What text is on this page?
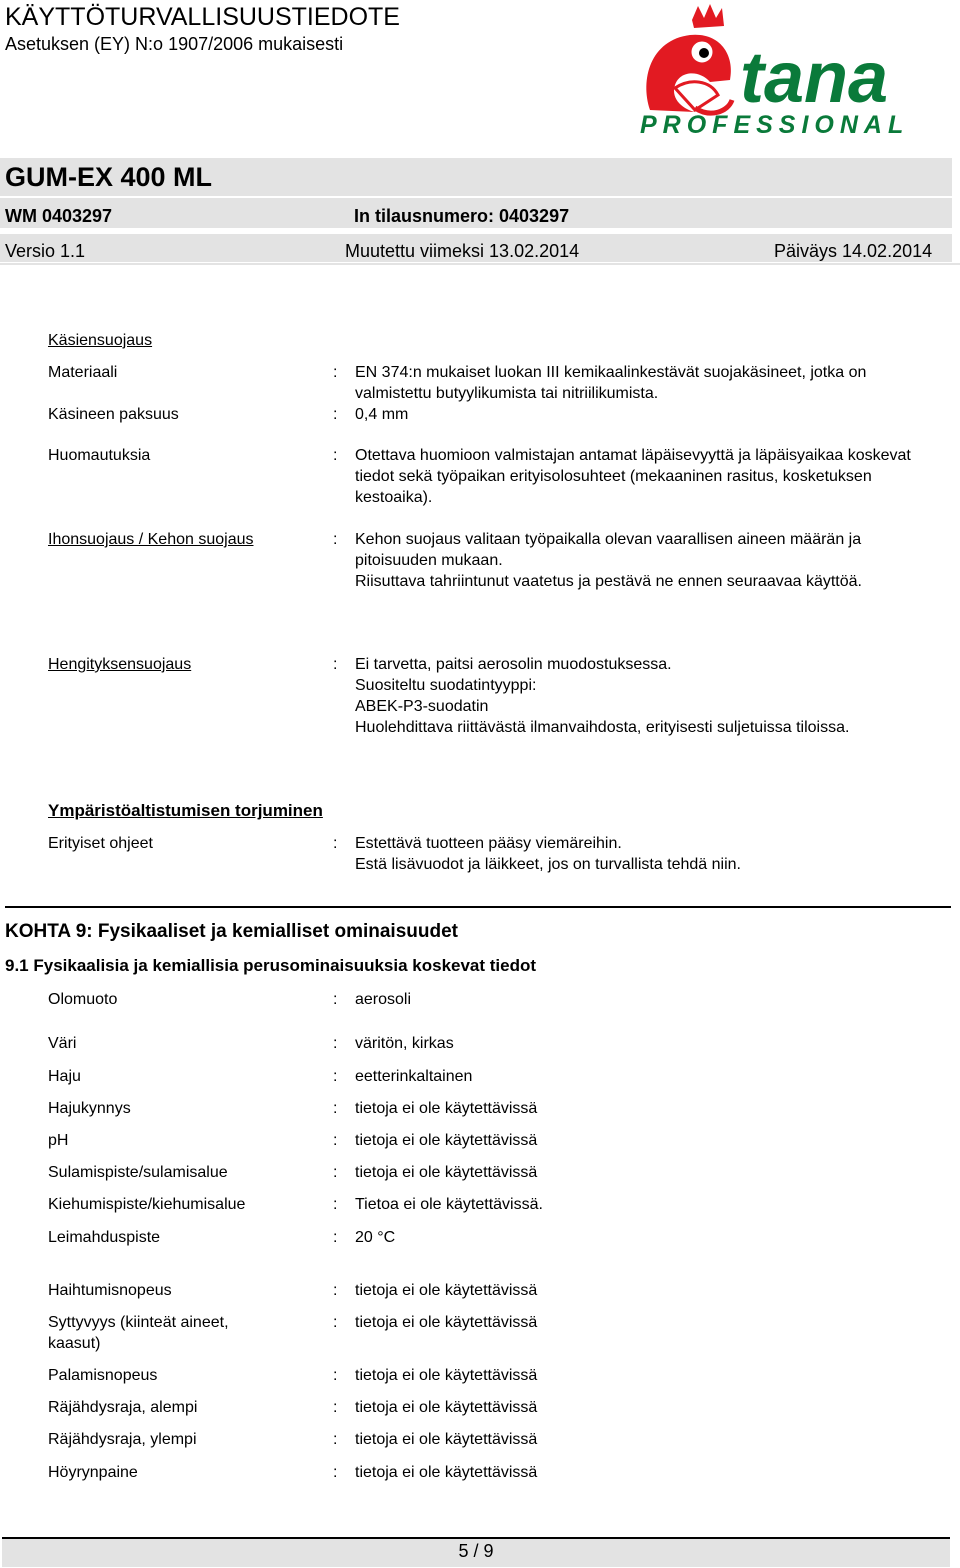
KÄYTTÖTURVALLISUUSTIEDOTE
Asetuksen (EY) N:o 1907/2006 mukaisesti	tana
PROFESSIONAL
GUM-EX 400 ML
WM 0403297	In tilausnumero: 0403297
Versio 1.1	Muutettu viimeksi 13.02.2014	Päiväys 14.02.2014
Käsiensuojaus
Materiaali	: EN 374:n mukaiset luokan III kemikaalinkestävät suojakäsineet, jotka on valmistettu butyylikumista tai nitriilikumista.
Käsineen paksuus	: 0,4 mm
Huomautuksia	: Otettava huomioon valmistajan antamat läpäisevyyttä ja läpäisyaikaa koskevat tiedot sekä työpaikan erityisolosuhteet (mekaaninen rasitus, kosketuksen kestoaika).
Ihonsuojaus / Kehon suojaus	: Kehon suojaus valitaan työpaikalla olevan vaarallisen aineen määrän ja pitoisuuden mukaan.
Riisuttava tahriintunut vaatetus ja pestävä ne ennen seuraavaa käyttöä.
Hengityksensuojaus	: Ei tarvetta, paitsi aerosolin muodostuksessa.
Suositeltu suodatintyyppi:
ABEK-P3-suodatin
Huolehdittava riittävästä ilmanvaihdosta, erityisesti suljetuissa tiloissa.
Ympäristöaltistumisen torjuminen
Erityiset ohjeet	: Estettävä tuotteen pääsy viemäreihin.
Estä lisävuodot ja läikkeet, jos on turvallista tehdä niin.
KOHTA 9: Fysikaaliset ja kemialliset ominaisuudet
9.1 Fysikaalisia ja kemiallisia perusominaisuuksia koskevat tiedot
Olomuoto	: aerosoli
Väri	: väritön, kirkas
Haju	: eetterinkaltainen
Hajukynnys	: tietoja ei ole käytettävissä
pH	: tietoja ei ole käytettävissä
Sulamispiste/sulamisalue	: tietoja ei ole käytettävissä
Kiehumispiste/kiehumisalue	: Tietoa ei ole käytettävissä.
Leimahduspiste	: 20 °C
Haihtumisnopeus	: tietoja ei ole käytettävissä
Syttyvyys (kiinteät aineet, kaasut)
: tietoja ei ole käytettävissä
Palamisnopeus	: tietoja ei ole käytettävissä
Räjähdysraja, alempi	: tietoja ei ole käytettävissä
Räjähdysraja, ylempi	: tietoja ei ole käytettävissä
Höyrynpaine	: tietoja ei ole käytettävissä
5 / 9
